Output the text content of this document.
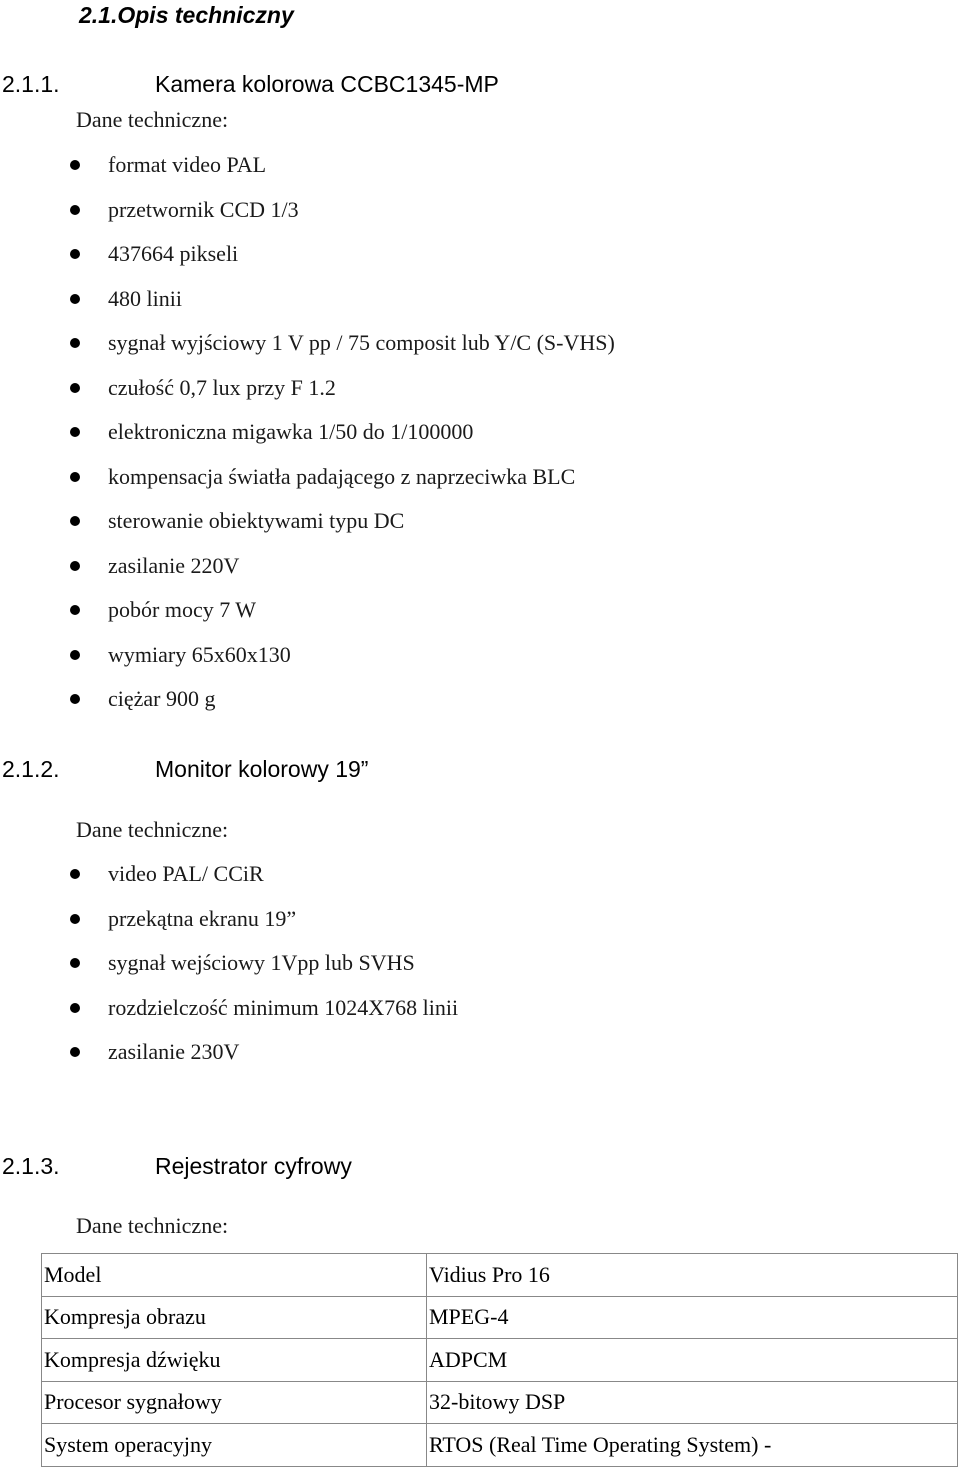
2.1.Opis techniczny
2.1.1.	Kamera kolorowa CCBC1345-MP
Dane techniczne:
format video PAL
przetwornik CCD 1/3
437664 pikseli
480 linii
sygnał wyjściowy 1 V pp / 75 composit lub Y/C (S-VHS)
czułość 0,7 lux przy F 1.2
elektroniczna migawka 1/50 do 1/100000
kompensacja światła padającego z naprzeciwka BLC
sterowanie obiektywami typu DC
zasilanie 220V
pobór mocy 7 W
wymiary 65x60x130
ciężar 900 g
2.1.2.	Monitor kolorowy 19”
Dane techniczne:
video PAL/ CCiR
przekątna ekranu 19”
sygnał wejściowy 1Vpp lub SVHS
rozdzielczość minimum 1024X768 linii
zasilanie 230V
2.1.3.	Rejestrator cyfrowy
Dane techniczne:
Model	Vidius Pro 16
Kompresja obrazu	MPEG-4
Kompresja dźwięku	ADPCM
Procesor sygnałowy	32-bitowy DSP
System operacyjny	RTOS (Real Time Operating System) -
